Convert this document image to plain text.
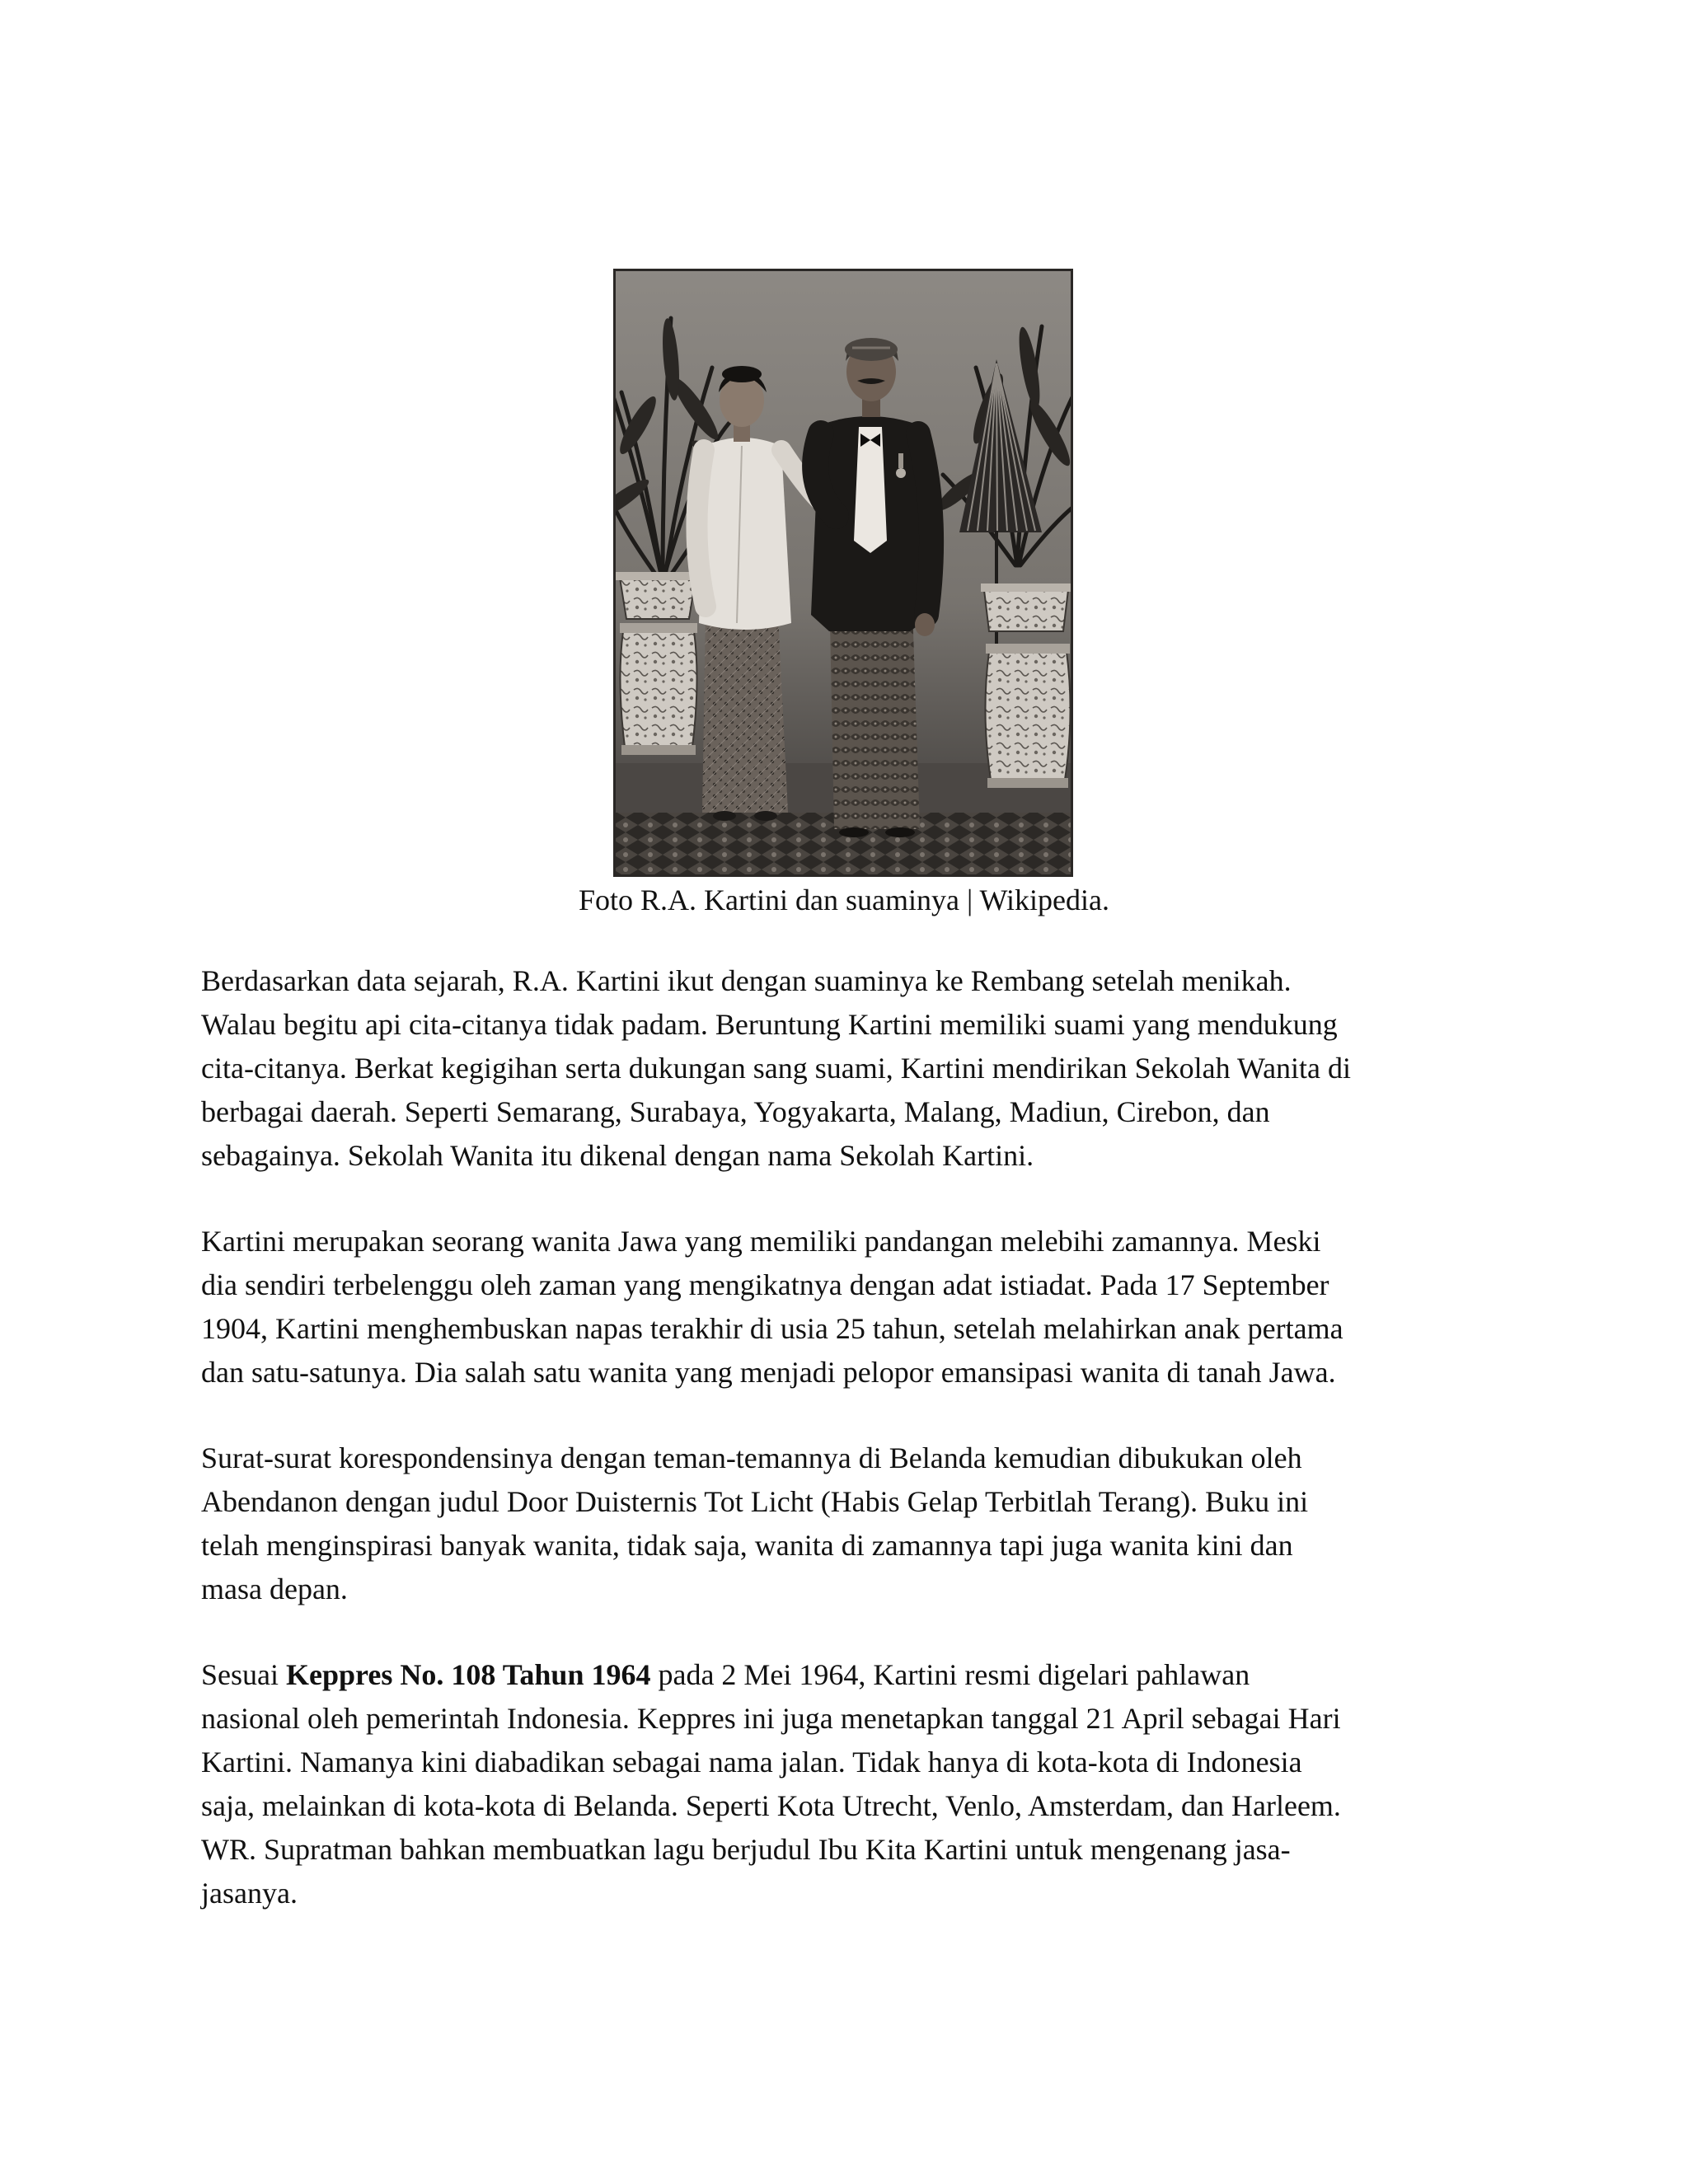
Foto R.A. Kartini dan suaminya | Wikipedia.

Berdasarkan data sejarah, R.A. Kartini ikut dengan suaminya ke Rembang setelah menikah.
Walau begitu api cita-citanya tidak padam. Beruntung Kartini memiliki suami yang mendukung
cita-citanya. Berkat kegigihan serta dukungan sang suami, Kartini mendirikan Sekolah Wanita di
berbagai daerah. Seperti Semarang, Surabaya, Yogyakarta, Malang, Madiun, Cirebon, dan
sebagainya. Sekolah Wanita itu dikenal dengan nama Sekolah Kartini.

Kartini merupakan seorang wanita Jawa yang memiliki pandangan melebihi zamannya. Meski
dia sendiri terbelenggu oleh zaman yang mengikatnya dengan adat istiadat. Pada 17 September
1904, Kartini menghembuskan napas terakhir di usia 25 tahun, setelah melahirkan anak pertama
dan satu-satunya. Dia salah satu wanita yang menjadi pelopor emansipasi wanita di tanah Jawa.

Surat-surat korespondensinya dengan teman-temannya di Belanda kemudian dibukukan oleh
Abendanon dengan judul Door Duisternis Tot Licht (Habis Gelap Terbitlah Terang). Buku ini
telah menginspirasi banyak wanita, tidak saja, wanita di zamannya tapi juga wanita kini dan
masa depan.

Sesuai Keppres No. 108 Tahun 1964 pada 2 Mei 1964, Kartini resmi digelari pahlawan
nasional oleh pemerintah Indonesia. Keppres ini juga menetapkan tanggal 21 April sebagai Hari
Kartini. Namanya kini diabadikan sebagai nama jalan. Tidak hanya di kota-kota di Indonesia
saja, melainkan di kota-kota di Belanda. Seperti Kota Utrecht, Venlo, Amsterdam, dan Harleem.
WR. Supratman bahkan membuatkan lagu berjudul Ibu Kita Kartini untuk mengenang jasa-
jasanya.
